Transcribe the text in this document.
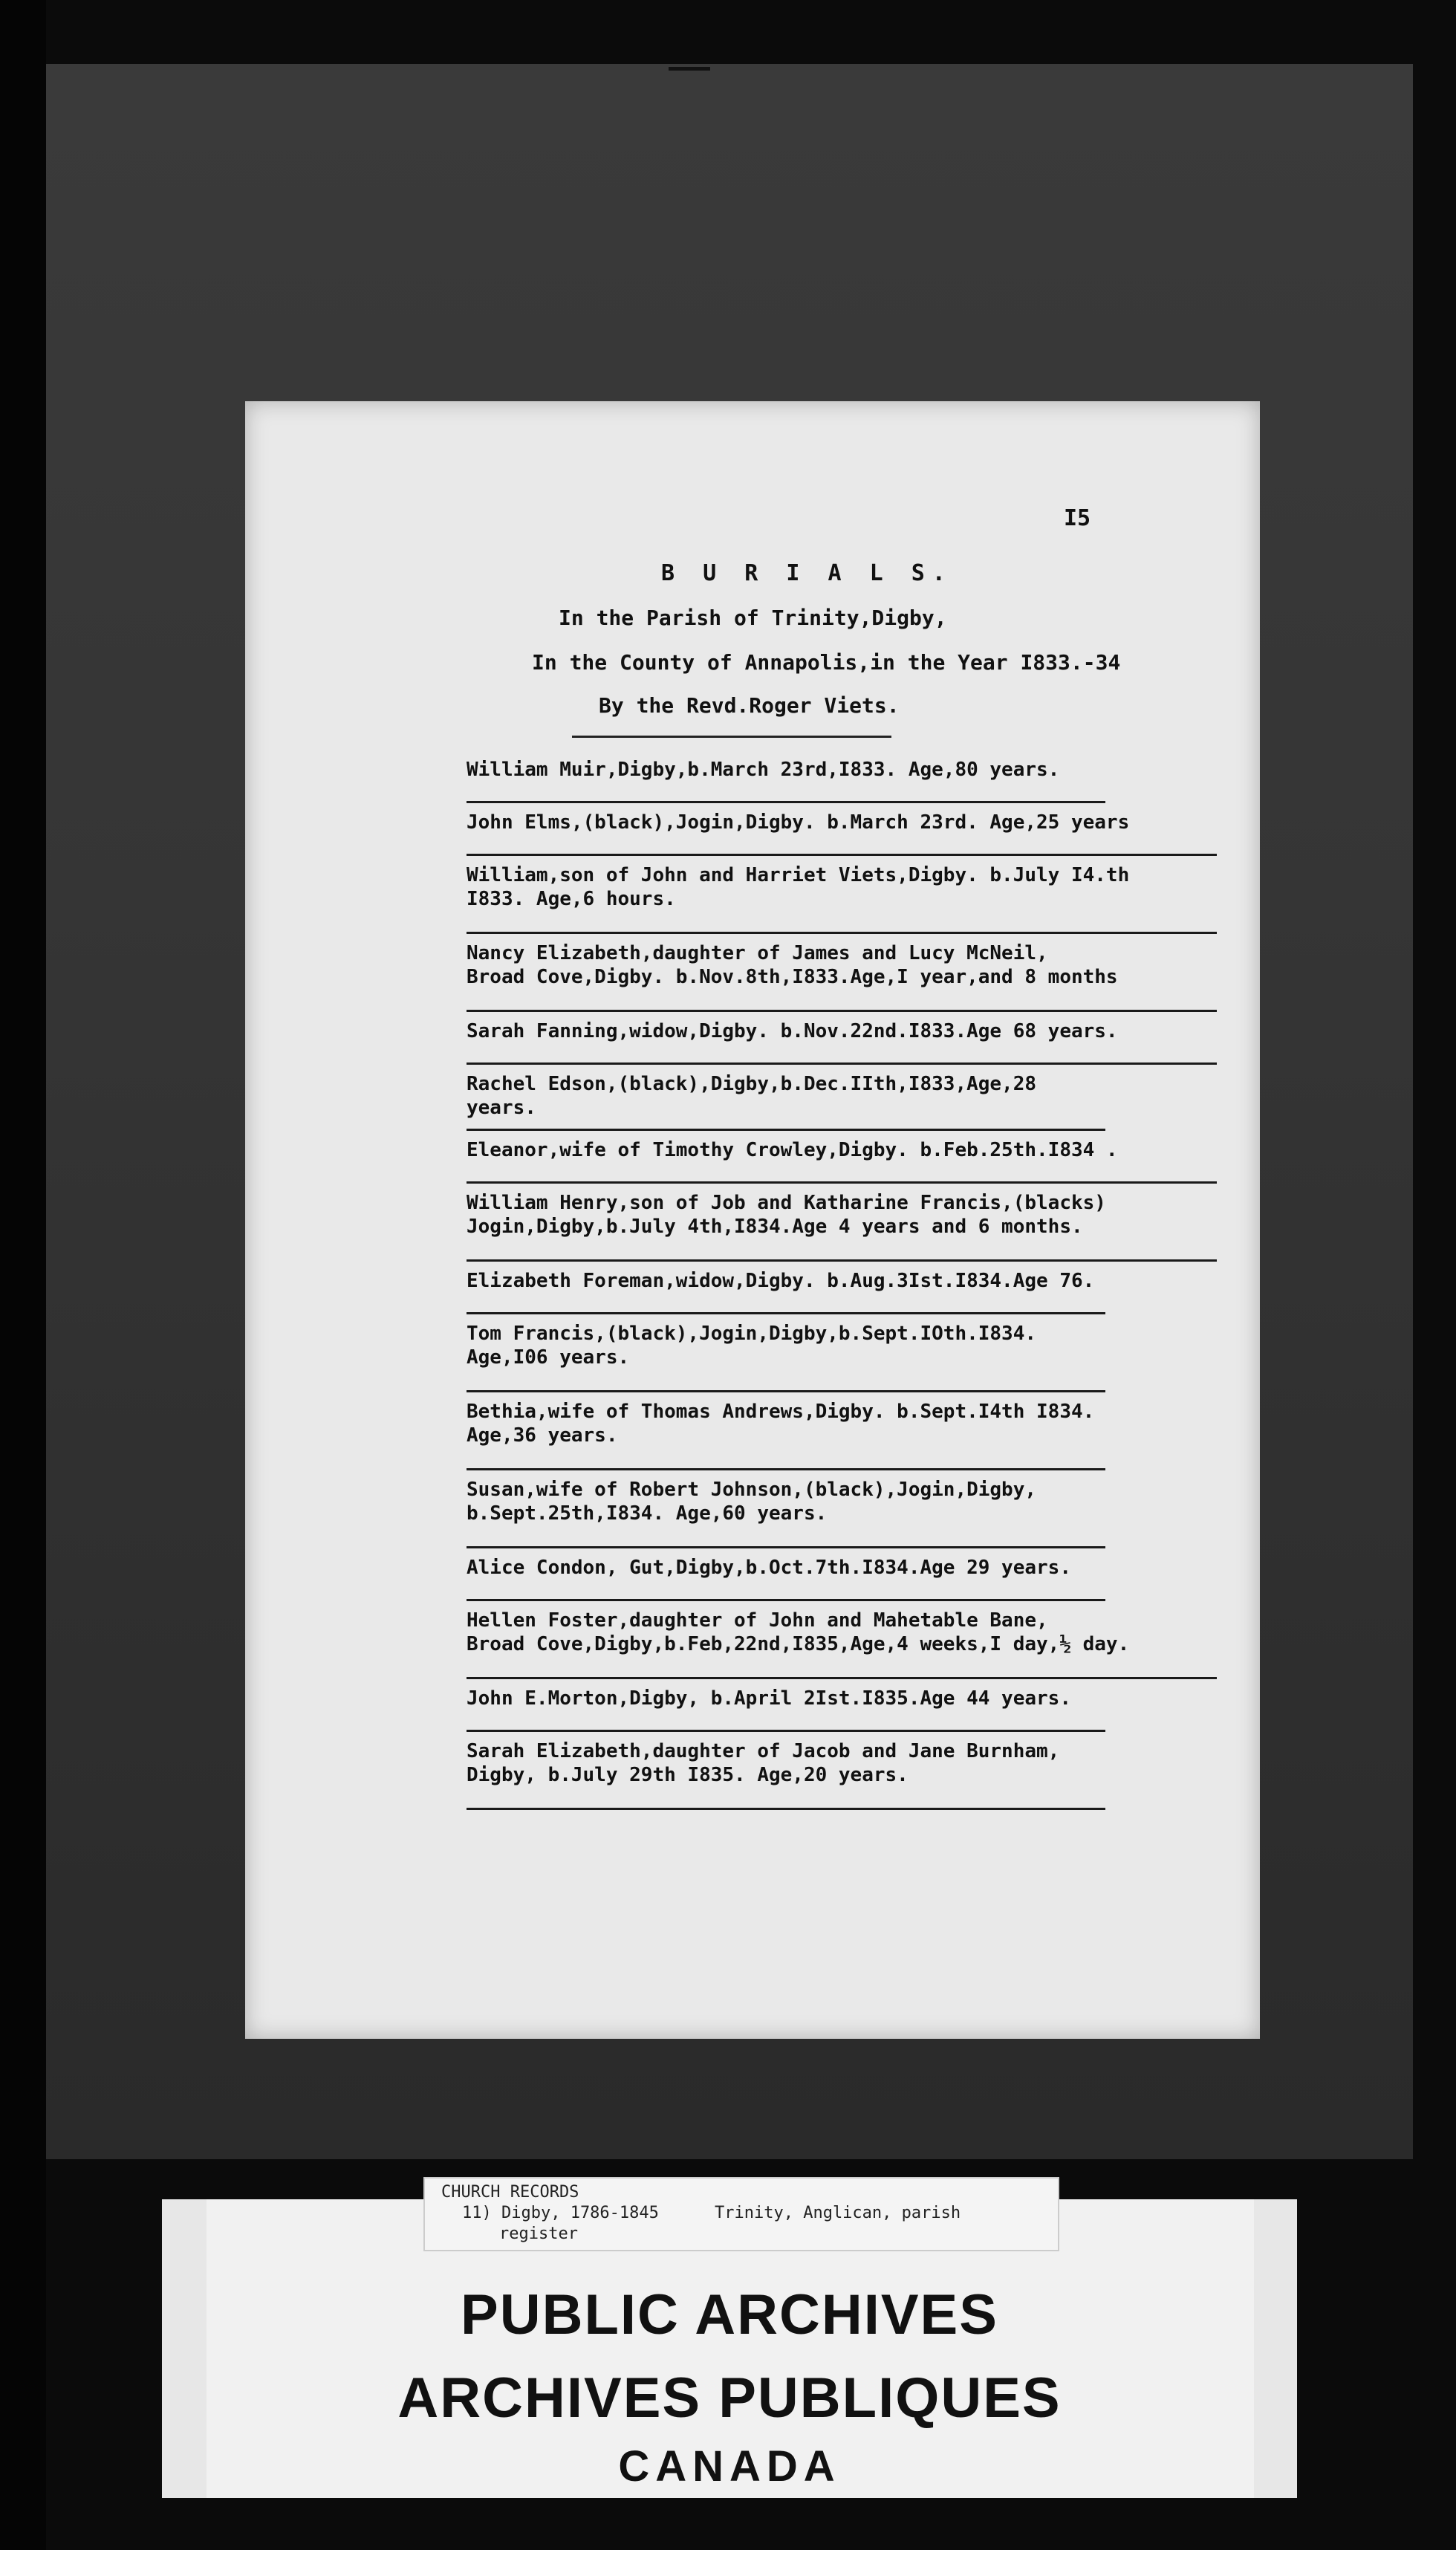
I5
B U R I A L S.
In the Parish of Trinity,Digby,
In the County of Annapolis,in the Year I833.-34
By the Revd.Roger Viets.
William Muir,Digby,b.March 23rd,I833. Age,80 years.
John Elms,(black),Jogin,Digby. b.March 23rd. Age,25 years
William,son of John and Harriet Viets,Digby. b.July I4.th
I833. Age,6 hours.
Nancy Elizabeth,daughter of James and Lucy McNeil,
Broad Cove,Digby. b.Nov.8th,I833.Age,I year,and 8 months
Sarah Fanning,widow,Digby. b.Nov.22nd.I833.Age 68 years.
Rachel Edson,(black),Digby,b.Dec.IIth,I833,Age,28 years.
Eleanor,wife of Timothy Crowley,Digby. b.Feb.25th.I834 .
William Henry,son of Job and Katharine Francis,(blacks)
Jogin,Digby,b.July 4th,I834.Age 4 years and 6 months.
Elizabeth Foreman,widow,Digby. b.Aug.3Ist.I834.Age 76.
Tom Francis,(black),Jogin,Digby,b.Sept.IOth.I834.
Age,I06 years.
Bethia,wife of Thomas Andrews,Digby. b.Sept.I4th I834.
Age,36 years.
Susan,wife of Robert Johnson,(black),Jogin,Digby,
b.Sept.25th,I834. Age,60 years.
Alice Condon, Gut,Digby,b.Oct.7th.I834.Age 29 years.
Hellen Foster,daughter of John and Mahetable Bane,
Broad Cove,Digby,b.Feb,22nd,I835,Age,4 weeks,I day,½ day.
John E.Morton,Digby, b.April 2Ist.I835.Age 44 years.
Sarah Elizabeth,daughter of Jacob and Jane Burnham,
Digby, b.July 29th I835. Age,20 years.
PUBLIC ARCHIVES
ARCHIVES PUBLIQUES
CANADA
CHURCH RECORDS
11) Digby, 1786-1845	Trinity, Anglican, parish
register
